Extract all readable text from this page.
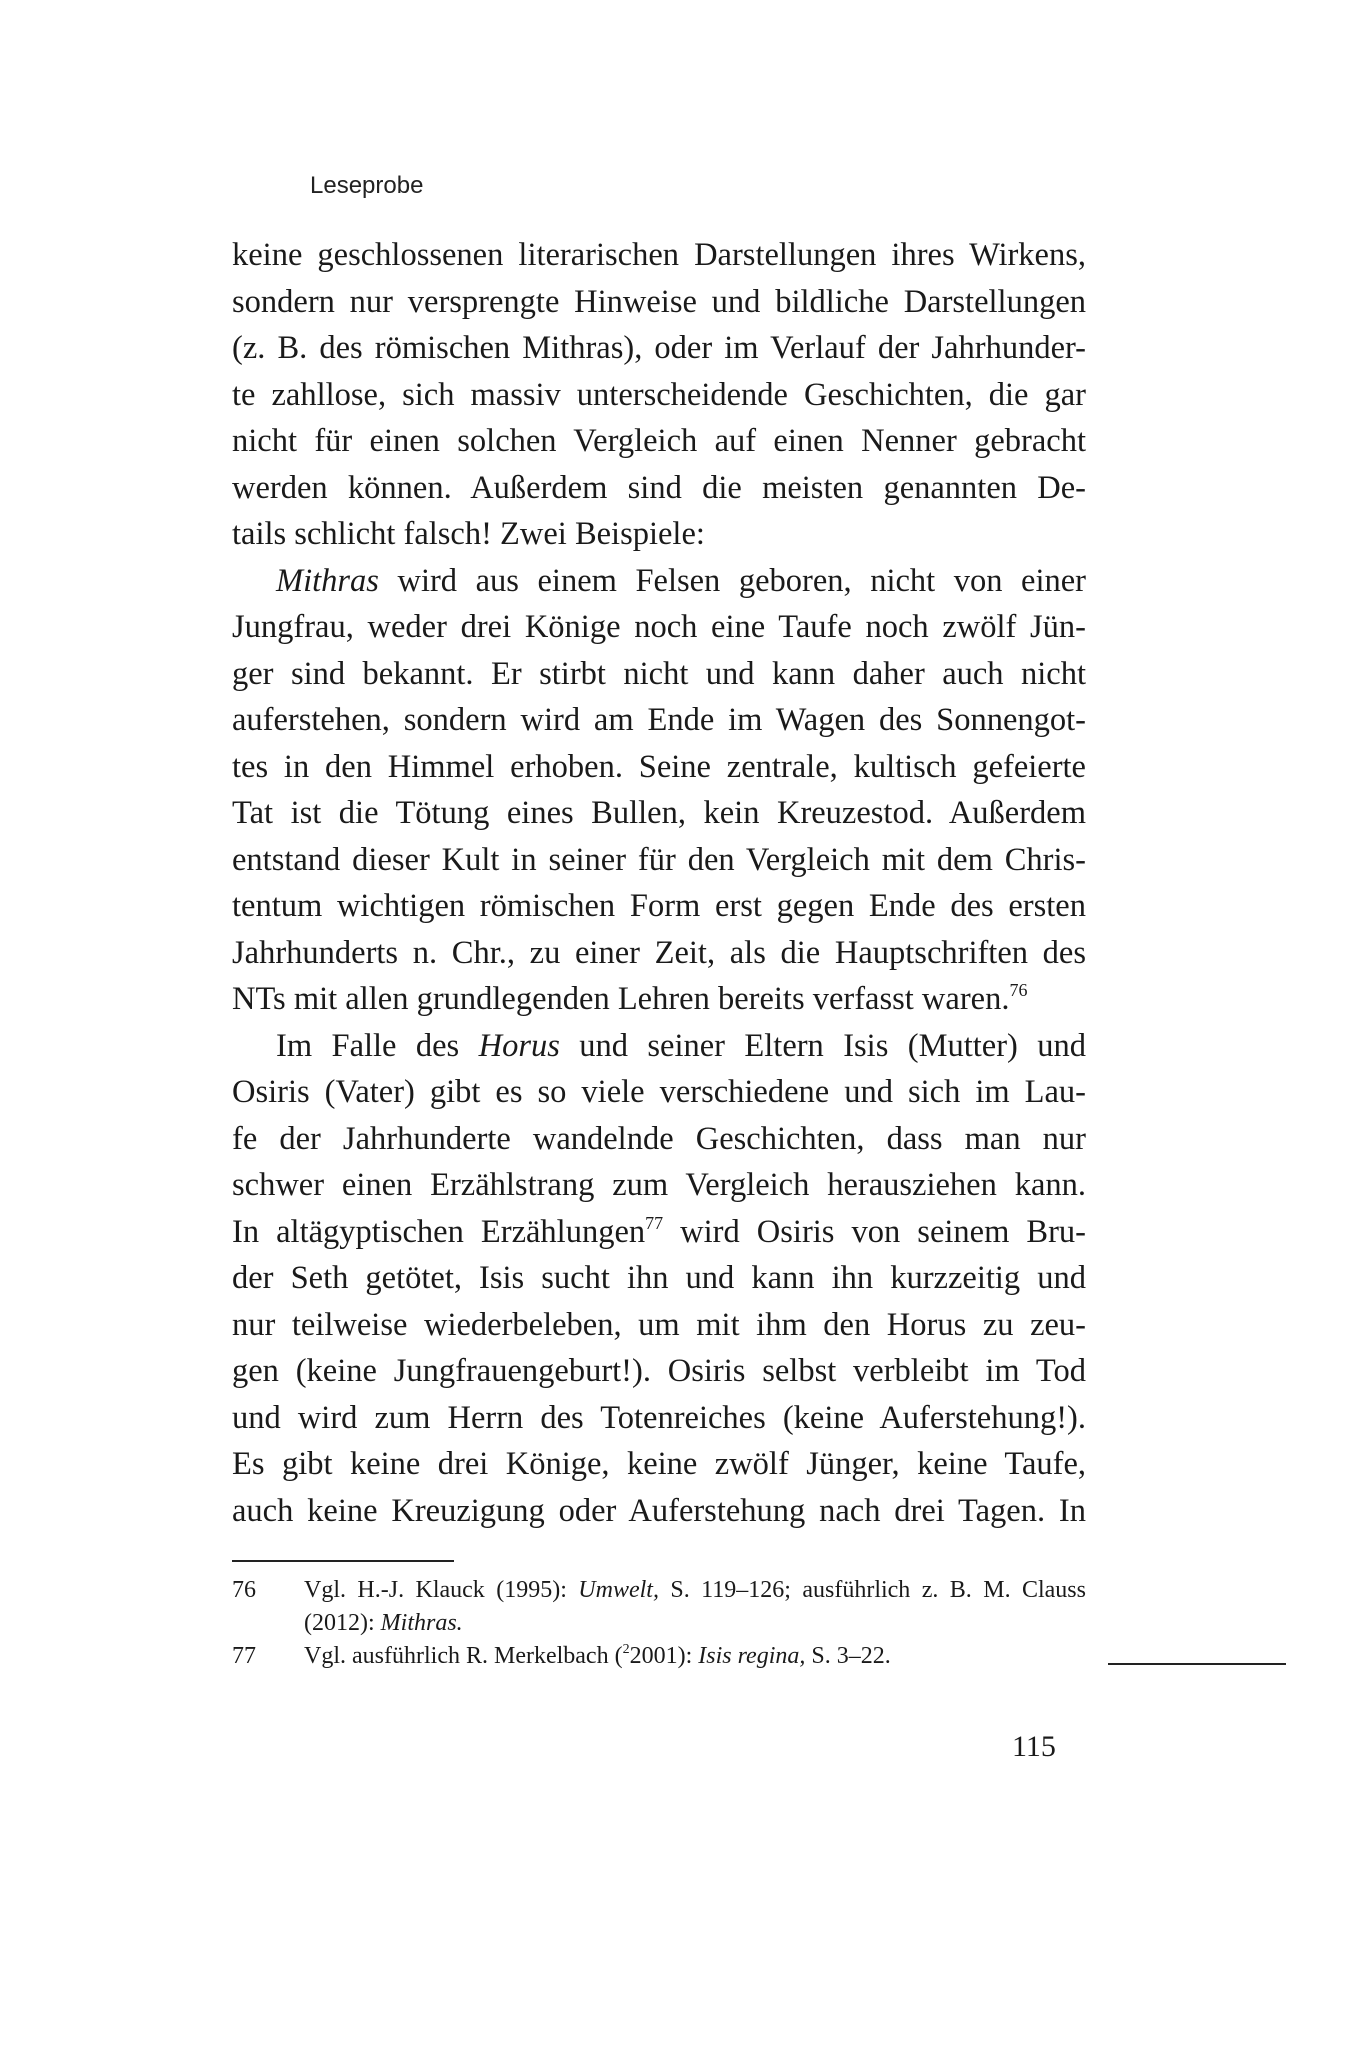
Leseprobe
keine geschlossenen literarischen Darstellungen ihres Wirkens,
sondern nur versprengte Hinweise und bildliche Darstellungen
(z. B. des römischen Mithras), oder im Verlauf der Jahrhunder-
te zahllose, sich massiv unterscheidende Geschichten, die gar
nicht für einen solchen Vergleich auf einen Nenner gebracht
werden können. Außerdem sind die meisten genannten De-
tails schlicht falsch! Zwei Beispiele:
Mithras wird aus einem Felsen geboren, nicht von einer
Jungfrau, weder drei Könige noch eine Taufe noch zwölf Jün-
ger sind bekannt. Er stirbt nicht und kann daher auch nicht
auferstehen, sondern wird am Ende im Wagen des Sonnengot-
tes in den Himmel erhoben. Seine zentrale, kultisch gefeierte
Tat ist die Tötung eines Bullen, kein Kreuzestod. Außerdem
entstand dieser Kult in seiner für den Vergleich mit dem Chris-
tentum wichtigen römischen Form erst gegen Ende des ersten
Jahrhunderts n. Chr., zu einer Zeit, als die Hauptschriften des
NTs mit allen grundlegenden Lehren bereits verfasst waren.$^{76}$
Im Falle des Horus und seiner Eltern Isis (Mutter) und
Osiris (Vater) gibt es so viele verschiedene und sich im Lau-
fe der Jahrhunderte wandelnde Geschichten, dass man nur
schwer einen Erzählstrang zum Vergleich herausziehen kann.
In altägyptischen Erzählungen$^{77}$ wird Osiris von seinem Bru-
der Seth getötet, Isis sucht ihn und kann ihn kurzzeitig und
nur teilweise wiederbeleben, um mit ihm den Horus zu zeu-
gen (keine Jungfrauengeburt!). Osiris selbst verbleibt im Tod
und wird zum Herrn des Totenreiches (keine Auferstehung!).
Es gibt keine drei Könige, keine zwölf Jünger, keine Taufe,
auch keine Kreuzigung oder Auferstehung nach drei Tagen. In
76	Vgl. H.-J. Klauck (1995): Umwelt, S. 119–126; ausführlich z. B. M. Clauss
(2012): Mithras.
77	Vgl. ausführlich R. Merkelbach ($^2$2001): Isis regina, S. 3–22.
115
